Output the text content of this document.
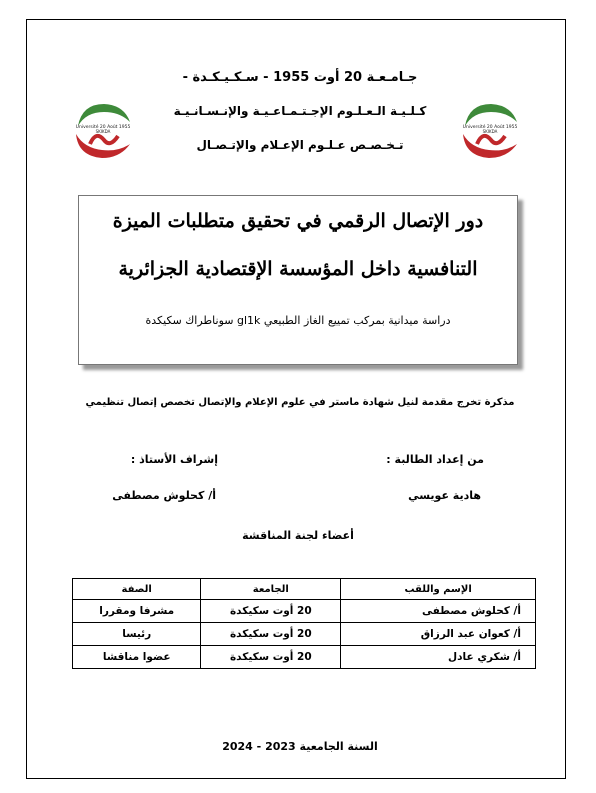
Université 20 Août 1955
SKIKDA
Université 20 Août 1955
SKIKDA
جـامـعـة 20 أوت 1955 - سـكـيـكـدة -
كـلـيـة الـعـلـوم الإجـتـمـاعـيـة والإنـسـانـيـة
تـخـصـص عـلـوم الإعـلام والإتـصـال
دور الإتصال الرقمي في تحقيق متطلبات الميزة
التنافسية داخل المؤسسة الإقتصادية الجزائرية
دراسة ميدانية بمركب تمييع الغاز الطبيعي gl1k سوناطراك سكيكدة
مذكرة تخرج مقدمة لنيل شهادة ماستر في علوم الإعلام والإتصال تخصص إتصال تنظيمي
من إعداد الطالبة :
إشراف الأستاذ :
هادية عويسي
أ/ كحلوش مصطفى
أعضاء لجنة المناقشة
الإسم واللقب	الجامعة	الصفة
أ/ كحلوش مصطفى	20 أوت سكيكدة	مشرفا ومقررا
أ/ كعوان عبد الرزاق	20 أوت سكيكدة	رئيسا
أ/ شكري عادل	20 أوت سكيكدة	عضوا مناقشا
السنة الجامعية 2023 - 2024
